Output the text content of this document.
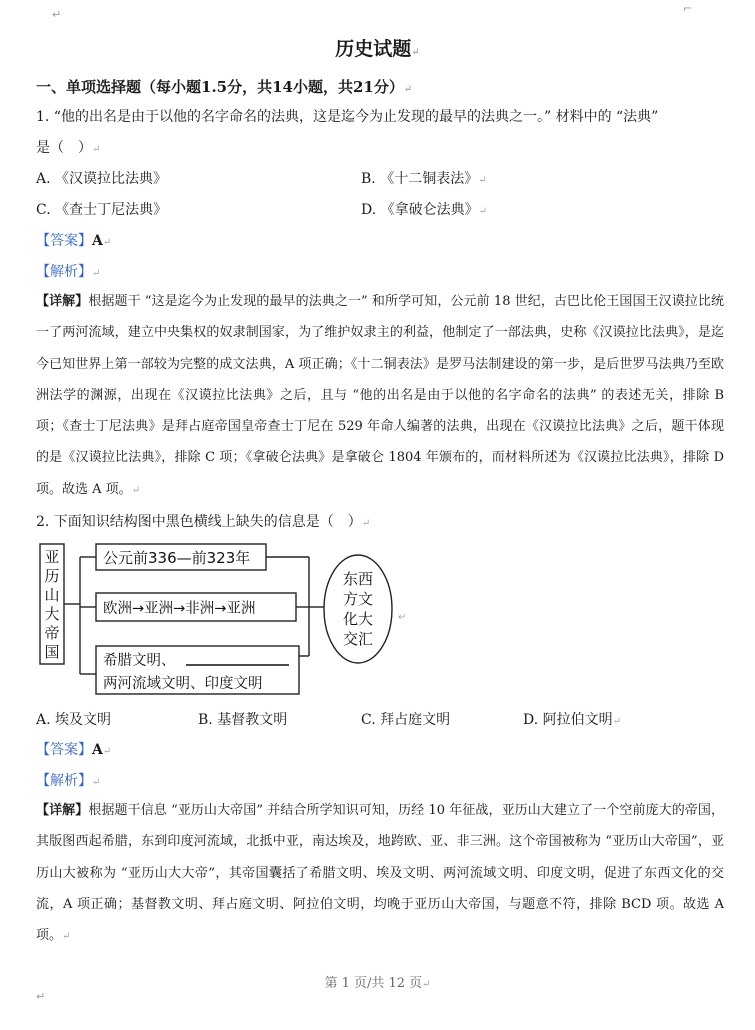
↵	⌐
历史试题↵
一、单项选择题（每小题1.5分，共14小题，共21分）↵
1. “他的出名是由于以他的名字命名的法典，这是迄今为止发现的最早的法典之一。” 材料中的 “法典”
是（　）↵
A. 《汉谟拉比法典》	B. 《十二铜表法》↵
C. 《查士丁尼法典》	D. 《拿破仑法典》↵
【答案】A↵
【解析】↵
【详解】根据题干 “这是迄今为止发现的最早的法典之一” 和所学可知，公元前 18 世纪，古巴比伦王国国王汉谟拉比统一了两河流域，建立中央集权的奴隶制国家，为了维护奴隶主的利益，他制定了一部法典，史称《汉谟拉比法典》，是迄今已知世界上第一部较为完整的成文法典，A 项正确；《十二铜表法》是罗马法制建设的第一步，是后世罗马法典乃至欧洲法学的渊源，出现在《汉谟拉比法典》之后，且与 “他的出名是由于以他的名字命名的法典” 的表述无关，排除 B 项；《查士丁尼法典》是拜占庭帝国皇帝查士丁尼在 529 年命人编著的法典，出现在《汉谟拉比法典》之后，题干体现的是《汉谟拉比法典》，排除 C 项；《拿破仑法典》是拿破仑 1804 年颁布的，而材料所述为《汉谟拉比法典》，排除 D 项。故选 A 项。↵
2. 下面知识结构图中黑色横线上缺失的信息是（　）↵
亚
历
山
大
帝
国
公元前336—前323年
欧洲→亚洲→非洲→亚洲
希腊文明、
两河流域文明、印度文明
东西
方文
化大
交汇
↵
A. 埃及文明	B. 基督教文明	C. 拜占庭文明	D. 阿拉伯文明↵
【答案】A↵
【解析】↵
【详解】根据题干信息 “亚历山大帝国” 并结合所学知识可知，历经 10 年征战，亚历山大建立了一个空前庞大的帝国，其版图西起希腊，东到印度河流域，北抵中亚，南达埃及，地跨欧、亚、非三洲。这个帝国被称为 “亚历山大帝国”，亚历山大被称为 “亚历山大大帝”，其帝国囊括了希腊文明、埃及文明、两河流域文明、印度文明，促进了东西文化的交流，A 项正确；基督教文明、拜占庭文明、阿拉伯文明，均晚于亚历山大帝国，与题意不符，排除 BCD 项。故选 A 项。↵
第 1 页/共 12 页↵
↵
